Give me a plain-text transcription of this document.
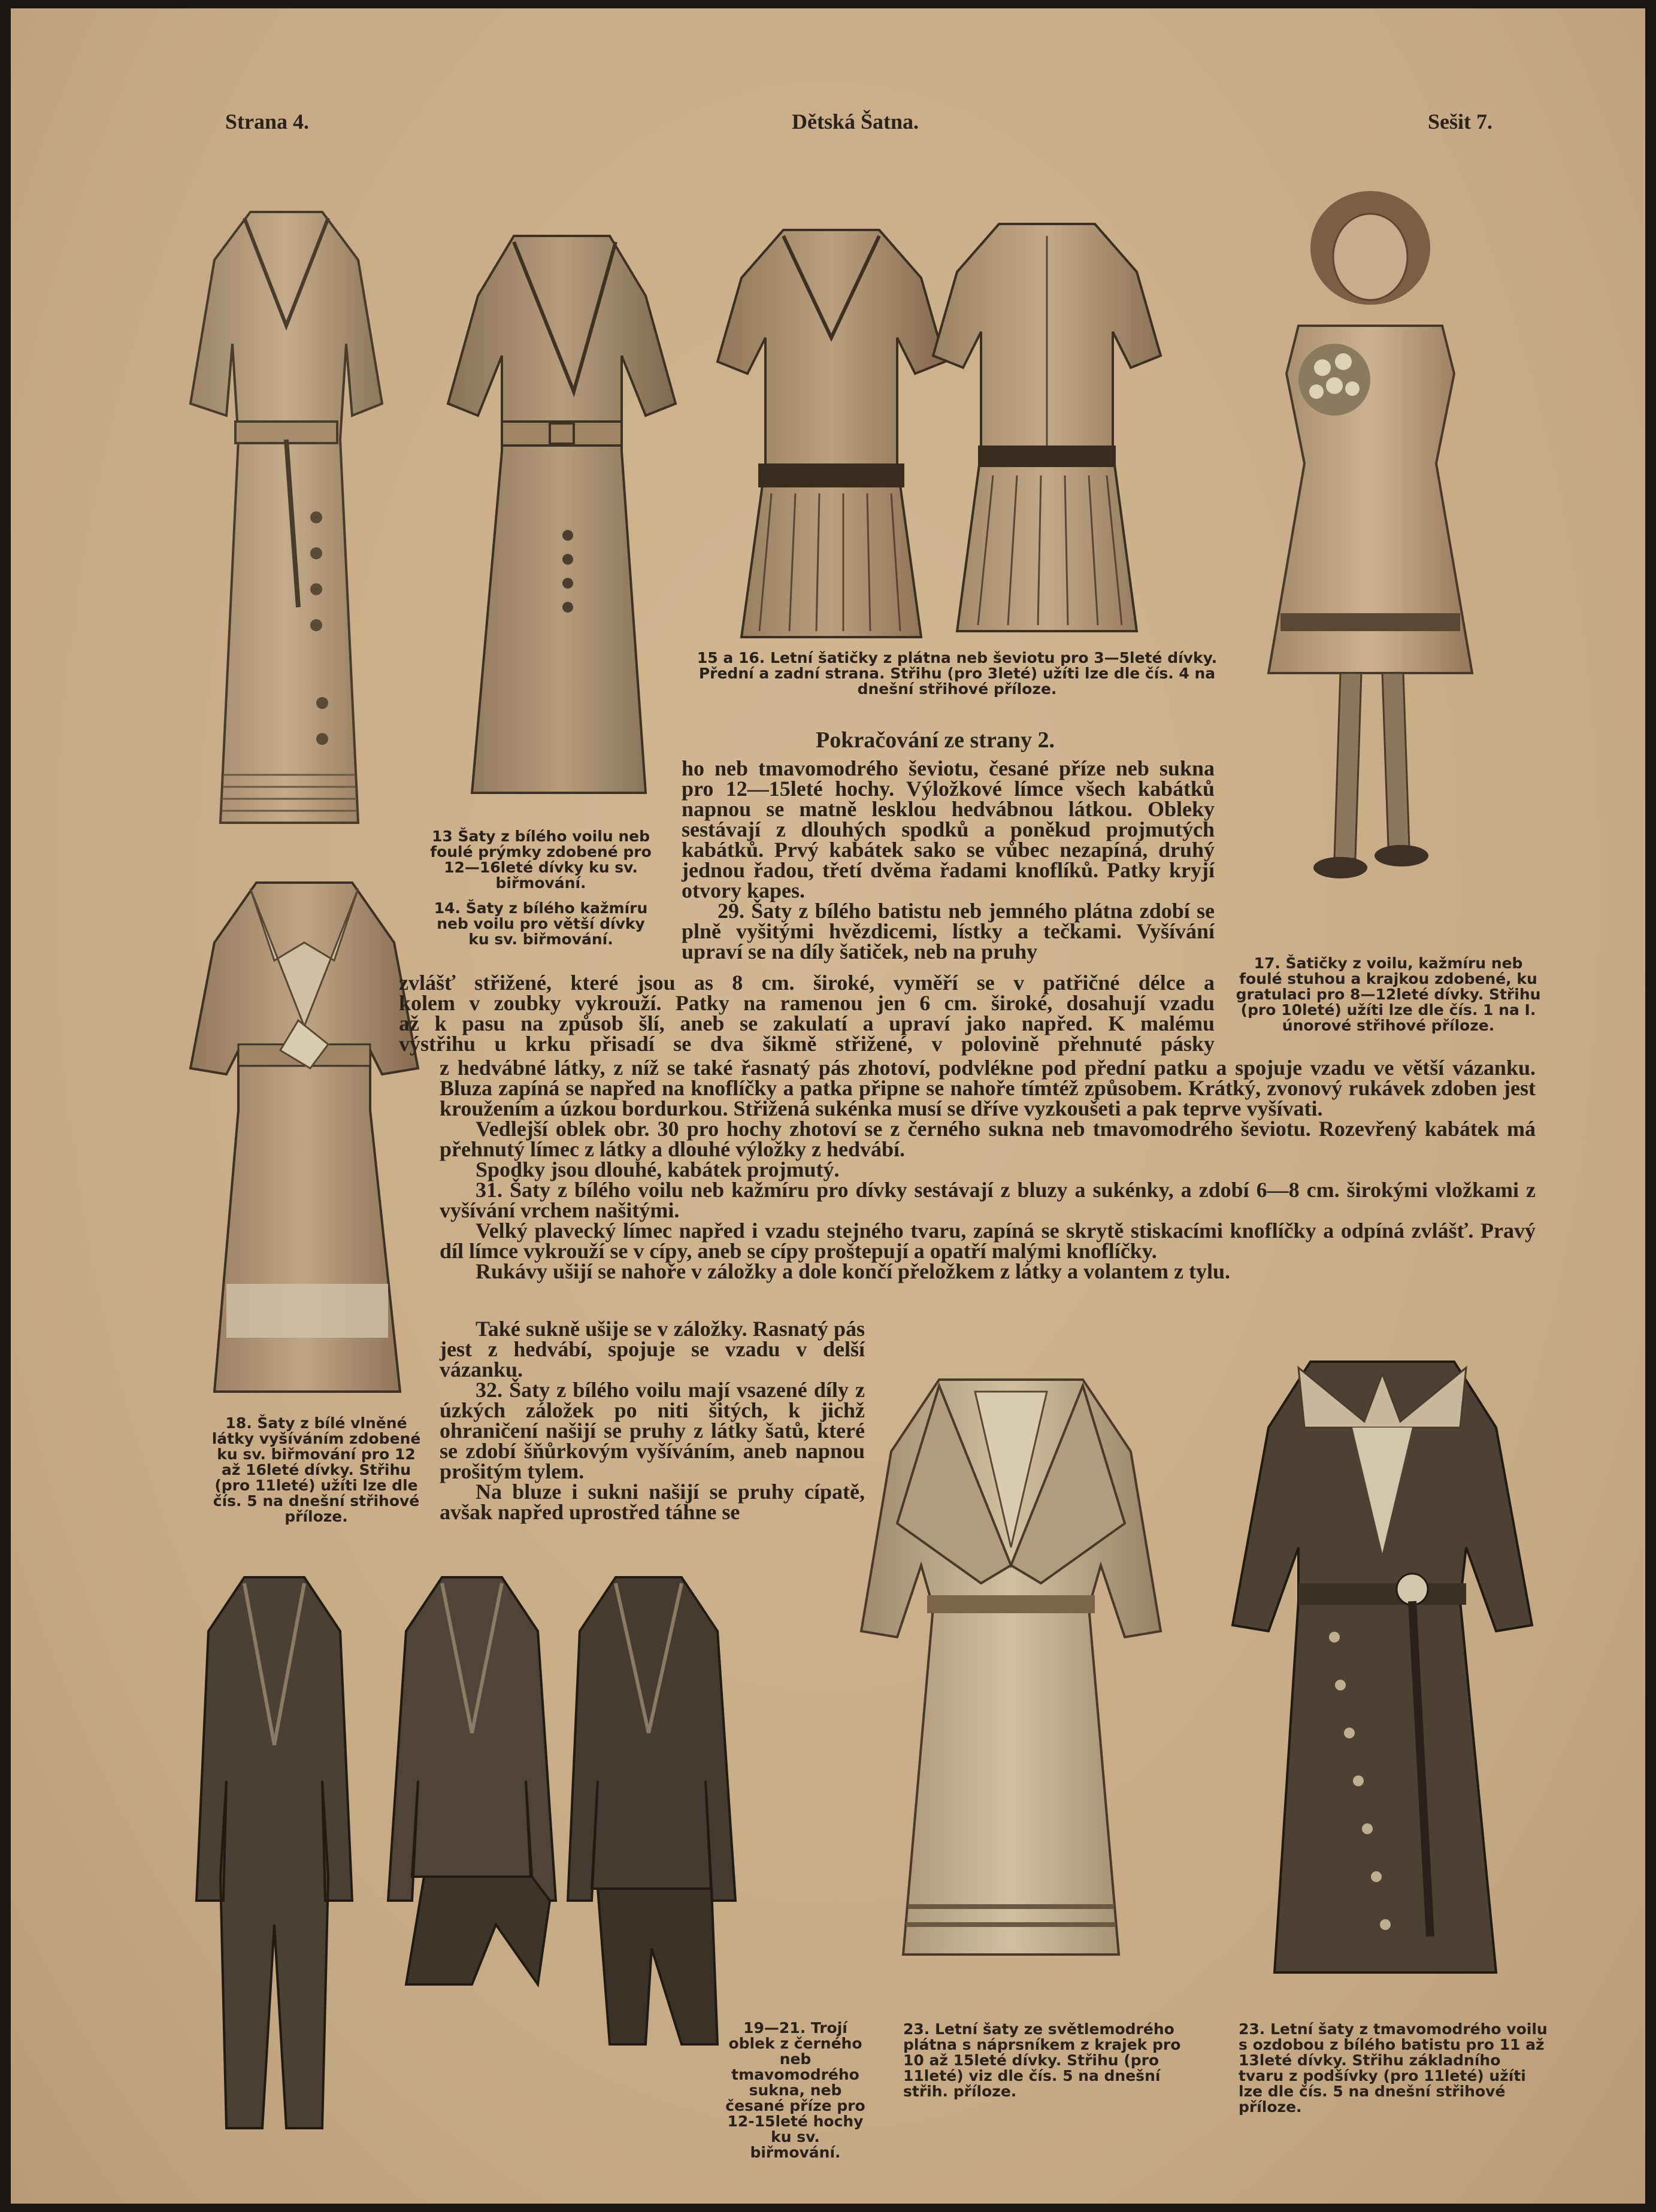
Strana 4.	Dětská Šatna.	Sešit 7.
13 Šaty z bílého voilu neb foulé prýmky zdobené pro 12—16leté dívky ku sv. biřmování.
14. Šaty z bílého kažmíru neb voilu pro větší dívky ku sv. biřmování.
15 a 16. Letní šatičky z plátna neb ševiotu pro 3—5leté dívky. Přední a zadní strana. Střihu (pro 3leté) užíti lze dle čís. 4 na dnešní střihové příloze.
17. Šatičky z voilu, kažmíru neb foulé stuhou a krajkou zdobené, ku gratulaci pro 8—12leté dívky. Střihu (pro 10leté) užíti lze dle čís. 1 na I. únorové střihové příloze.
18. Šaty z bílé vlněné látky vyšíváním zdobené ku sv. biřmování pro 12 až 16leté dívky. Střihu (pro 11leté) užíti lze dle čís. 5 na dnešní střihové příloze.
19—21. Trojí oblek z černého neb tmavomodrého sukna, neb česané příze pro 12-15leté hochy ku sv. biřmování.
23. Letní šaty ze světlemodrého plátna s náprsníkem z krajek pro 10 až 15leté dívky. Střihu (pro 11leté) viz dle čís. 5 na dnešní střih. příloze.
23. Letní šaty z tmavomodrého voilu s ozdobou z bílého batistu pro 11 až 13leté dívky. Střihu základního tvaru z podšívky (pro 11leté) užíti lze dle čís. 5 na dnešní střihové příloze.
Pokračování ze strany 2.

ho neb tmavomodrého ševiotu, česané příze neb sukna pro 12—15leté hochy. Výložkové límce všech kabátků napnou se matně lesklou hedvábnou látkou. Obleky sestávají z dlouhých spodků a poněkud projmutých kabátků. Prvý kabátek sako se vůbec nezapíná, druhý jednou řadou, třetí dvěma řadami knoflíků. Patky kryjí otvory kapes.

29. Šaty z bílého batistu neb jemného plátna zdobí se plně vyšitými hvězdicemi, lístky a tečkami. Vyšívání upraví se na díly šatiček, neb na pruhy

zvlášť střižené, které jsou as 8 cm. široké, vyměří se v patřičné délce a

kolem v zoubky vykrouží. Patky na ramenou jen 6 cm. široké, dosahují vzadu

až k pasu na způsob šlí, aneb se zakulatí a upraví jako napřed. K malému

výstřihu u krku přisadí se dva šikmě střižené, v polovině přehnuté pásky

z hedvábné látky, z níž se také řasnatý pás zhotoví, podvlékne pod přední patku a spojuje vzadu ve větší vázanku. Bluza zapíná se napřed na knoflíčky a patka připne se nahoře tímtéž způsobem. Krátký, zvonový rukávek zdoben jest kroužením a úzkou bordurkou. Střižená sukénka musí se dříve vyzkoušeti a pak teprve vyšívati.

Vedlejší oblek obr. 30 pro hochy zhotoví se z černého sukna neb tmavomodrého ševiotu. Rozevřený kabátek má přehnutý límec z látky a dlouhé výložky z hedvábí.

Spodky jsou dlouhé, kabátek projmutý.

31. Šaty z bílého voilu neb kažmíru pro dívky sestávají z bluzy a sukénky, a zdobí 6—8 cm. širokými vložkami z vyšívání vrchem našitými.

Velký plavecký límec napřed i vzadu stejného tvaru, zapíná se skrytě stiskacími knoflíčky a odpíná zvlášť. Pravý díl límce vykrouží se v cípy, aneb se cípy proštepují a opatří malými knoflíčky.

Rukávy ušijí se nahoře v záložky a dole končí přeložkem z látky a volantem z tylu.

Také sukně ušije se v záložky. Rasnatý pás jest z hedvábí, spojuje se vzadu v delší vázanku.

32. Šaty z bílého voilu mají vsazené díly z úzkých záložek po niti šitých, k jichž ohraničení našijí se pruhy z látky šatů, které se zdobí šňůrkovým vyšíváním, aneb napnou prošitým tylem.

Na bluze i sukni našijí se pruhy cípatě, avšak napřed uprostřed táhne se
